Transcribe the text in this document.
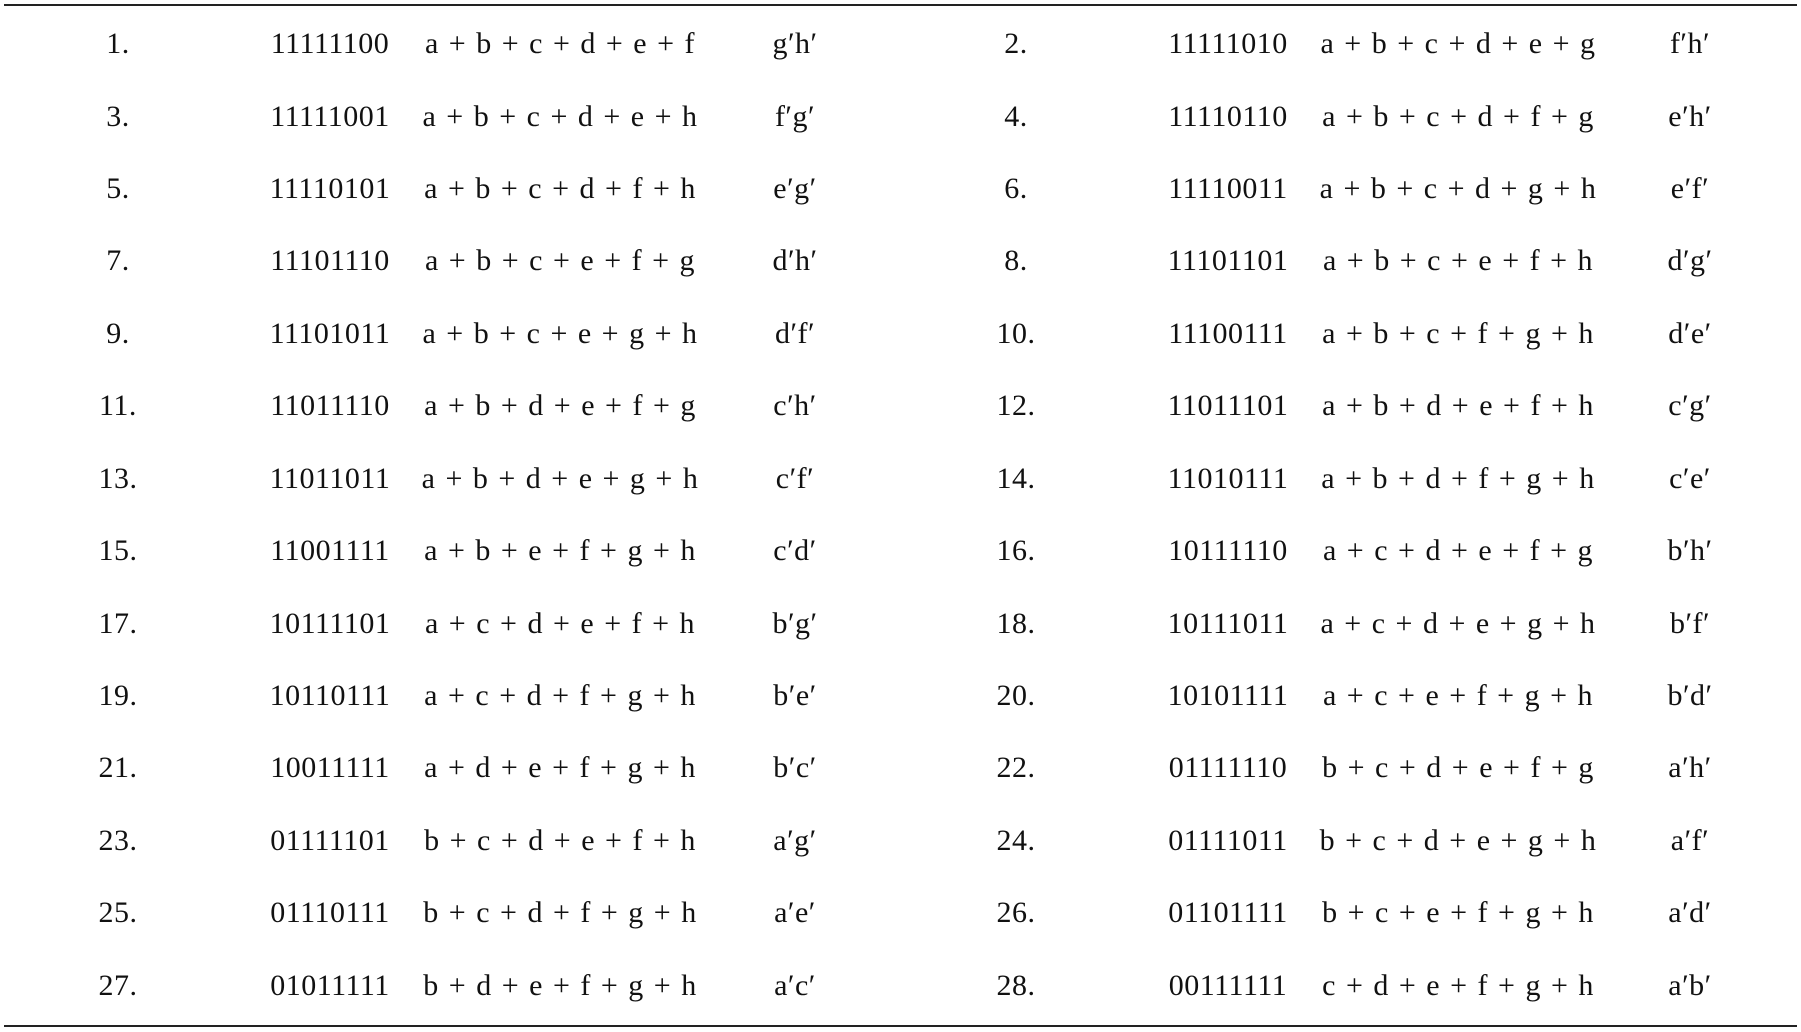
1.	11111100	a + b + c + d + e + f	g′h′	2.	11111010	a + b + c + d + e + g	f′h′
3.	11111001	a + b + c + d + e + h	f′g′	4.	11110110	a + b + c + d + f + g	e′h′
5.	11110101	a + b + c + d + f + h	e′g′	6.	11110011	a + b + c + d + g + h	e′f′
7.	11101110	a + b + c + e + f + g	d′h′	8.	11101101	a + b + c + e + f + h	d′g′
9.	11101011	a + b + c + e + g + h	d′f′	10.	11100111	a + b + c + f + g + h	d′e′
11.	11011110	a + b + d + e + f + g	c′h′	12.	11011101	a + b + d + e + f + h	c′g′
13.	11011011	a + b + d + e + g + h	c′f′	14.	11010111	a + b + d + f + g + h	c′e′
15.	11001111	a + b + e + f + g + h	c′d′	16.	10111110	a + c + d + e + f + g	b′h′
17.	10111101	a + c + d + e + f + h	b′g′	18.	10111011	a + c + d + e + g + h	b′f′
19.	10110111	a + c + d + f + g + h	b′e′	20.	10101111	a + c + e + f + g + h	b′d′
21.	10011111	a + d + e + f + g + h	b′c′	22.	01111110	b + c + d + e + f + g	a′h′
23.	01111101	b + c + d + e + f + h	a′g′	24.	01111011	b + c + d + e + g + h	a′f′
25.	01110111	b + c + d + f + g + h	a′e′	26.	01101111	b + c + e + f + g + h	a′d′
27.	01011111	b + d + e + f + g + h	a′c′	28.	00111111	c + d + e + f + g + h	a′b′
